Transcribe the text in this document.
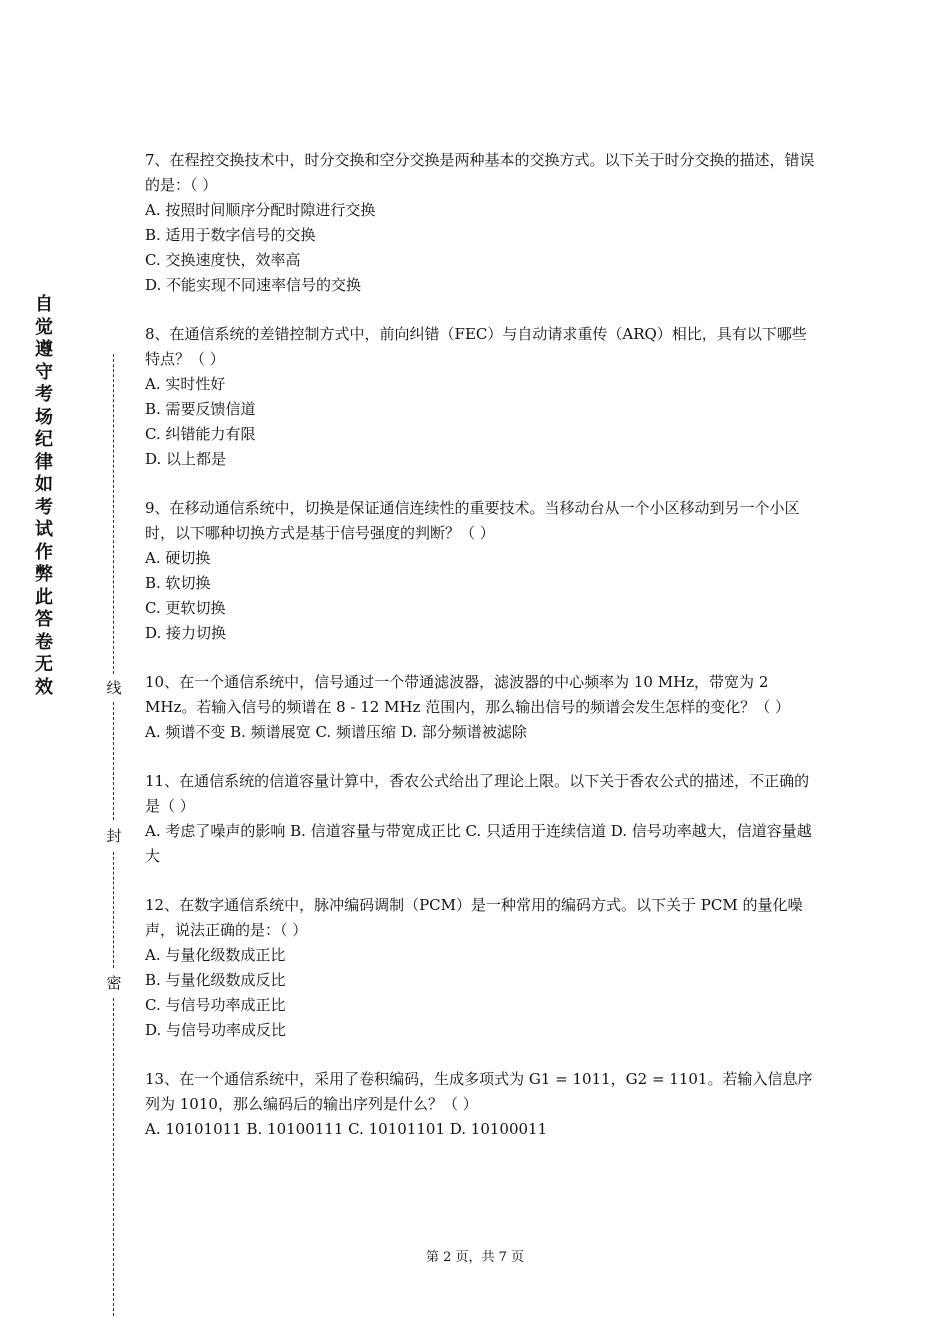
自觉遵守考场纪律如考试作弊此答卷无效	线
封
密

7、在程控交换技术中，时分交换和空分交换是两种基本的交换方式。以下关于时分交换的描述，错误的是：（ ）

A. 按照时间顺序分配时隙进行交换

B. 适用于数字信号的交换

C. 交换速度快，效率高

D. 不能实现不同速率信号的交换

8、在通信系统的差错控制方式中，前向纠错（FEC）与自动请求重传（ARQ）相比，具有以下哪些特点？（ ）

A. 实时性好

B. 需要反馈信道

C. 纠错能力有限

D. 以上都是

9、在移动通信系统中，切换是保证通信连续性的重要技术。当移动台从一个小区移动到另一个小区时，以下哪种切换方式是基于信号强度的判断？（ ）

A. 硬切换

B. 软切换

C. 更软切换

D. 接力切换

10、在一个通信系统中，信号通过一个带通滤波器，滤波器的中心频率为 10 MHz，带宽为 2 MHz。若输入信号的频谱在 8 - 12 MHz 范围内，那么输出信号的频谱会发生怎样的变化？（ ）

A. 频谱不变 B. 频谱展宽 C. 频谱压缩 D. 部分频谱被滤除

11、在通信系统的信道容量计算中，香农公式给出了理论上限。以下关于香农公式的描述，不正确的是（ ）

A. 考虑了噪声的影响 B. 信道容量与带宽成正比 C. 只适用于连续信道 D. 信号功率越大，信道容量越大

12、在数字通信系统中，脉冲编码调制（PCM）是一种常用的编码方式。以下关于 PCM 的量化噪声，说法正确的是：（ ）

A. 与量化级数成正比

B. 与量化级数成反比

C. 与信号功率成正比

D. 与信号功率成反比

13、在一个通信系统中，采用了卷积编码，生成多项式为 G1 = 1011，G2 = 1101。若输入信息序列为 1010，那么编码后的输出序列是什么？（ ）

A. 10101011 B. 10100111 C. 10101101 D. 10100011

第 2 页，共 7 页
